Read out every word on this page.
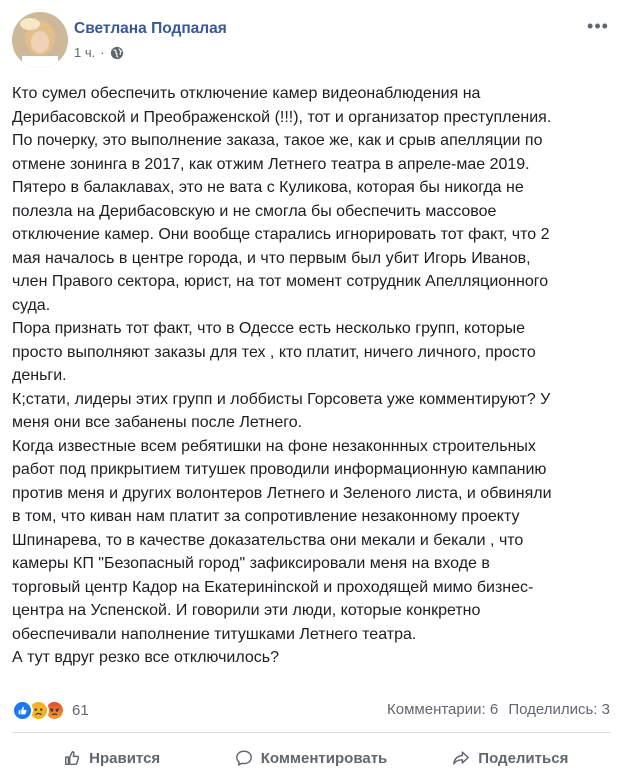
Светлана Подпалая
1 ч. ·
•••

Кто сумел обеспечить отключение камер видеонаблюдения на

Дерибасовской и Преображенской (!!!), тот и организатор преступления.

По почерку, это выполнение заказа, такое же, как и срыв апелляции по

отмене зонинга в 2017, как отжим Летнего театра в апреле-мае 2019.

Пятеро в балаклавах, это не вата с Куликова, которая бы никогда не

полезла на Дерибасовскую и не смогла бы обеспечить массовое

отключение камер. Они вообще старались игнорировать тот факт, что 2

мая началось в центре города, и что первым был убит Игорь Иванов,

член Правого сектора, юрист, на тот момент сотрудник Апелляционного

суда.

Пора признать тот факт, что в Одессе есть несколько групп, которые

просто выполняют заказы для тех , кто платит, ничего личного, просто

деньги.

К;стати, лидеры этих групп и лоббисты Горсовета уже комментируют? У

меня они все забанены после Летнего.

Когда известные всем ребятишки на фоне незаконнных строительных

работ под прикрытием титушек проводили информационную кампанию

против меня и других волонтеров Летнего и Зеленого листа, и обвиняли

в том, что киван нам платит за сопротивление незаконному проекту

Шпинарева, то в качестве доказательства они мекали и бекали , что

камеры КП "Безопасный город" зафиксировали меня на входе в

торговый центр Кадор на Екатеринinской и проходящей мимо бизнес-

центра на Успенской. И говорили эти люди, которые конкретно

обеспечивали наполнение титушками Летнего театра.

А тут вдруг резко все отключилось?

61	Комментарии: 6 Поделились: 3
Нравится	Комментировать	Поделиться
